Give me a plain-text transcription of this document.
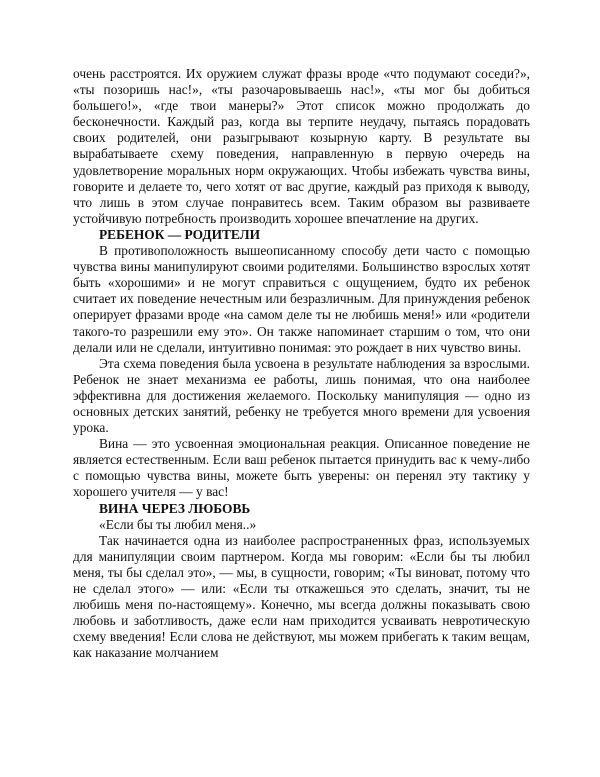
очень расстроятся. Их оружием служат фразы вроде «что подумают соседи?», «ты позоришь нас!», «ты разочаровываешь нас!», «ты мог бы добиться большего!», «где твои манеры?» Этот список можно продолжать до бесконечности. Каждый раз, когда вы терпите неудачу, пытаясь порадовать своих родителей, они разыгрывают козырную карту. В результате вы вырабатываете схему поведения, направленную в первую очередь на удовлетворение моральных норм окружающих. Чтобы избежать чувства вины, говорите и делаете то, чего хотят от вас другие, каждый раз приходя к выводу, что лишь в этом случае понравитесь всем. Таким образом вы развиваете устойчивую потребность производить хорошее впечатление на других.

РЕБЕНОК — РОДИТЕЛИ

В противоположность вышеописанному способу дети часто с помощью чувства вины манипулируют своими родителями. Большинство взрослых хотят быть «хорошими» и не могут справиться с ощущением, будто их ребенок считает их поведение нечестным или безразличным. Для принуждения ребенок оперирует фразами вроде «на самом деле ты не любишь меня!» или «родители такого-то разрешили ему это». Он также напоминает старшим о том, что они делали или не сделали, интуитивно понимая: это рождает в них чувство вины.

Эта схема поведения была усвоена в результате наблюдения за взрослыми. Ребенок не знает механизма ее работы, лишь понимая, что она наиболее эффективна для достижения желаемого. Поскольку манипуляция — одно из основных детских занятий, ребенку не требуется много времени для усвоения урока.

Вина — это усвоенная эмоциональная реакция. Описанное поведение не является естественным. Если ваш ребенок пытается принудить вас к чему-либо с помощью чувства вины, можете быть уверены: он перенял эту тактику у хорошего учителя — у вас!

ВИНА ЧЕРЕЗ ЛЮБОВЬ

«Если бы ты любил меня..»

Так начинается одна из наиболее распространенных фраз, используемых для манипуляции своим партнером. Когда мы говорим: «Если бы ты любил меня, ты бы сделал это», — мы, в сущности, говорим; «Ты виноват, потому что не сделал этого» — или: «Если ты откажешься это сделать, значит, ты не любишь меня по-настоящему». Конечно, мы всегда должны показывать свою любовь и заботливость, даже если нам приходится усваивать невротическую схему введения! Если слова не действуют, мы можем прибегать к таким вещам, как наказание молчанием
